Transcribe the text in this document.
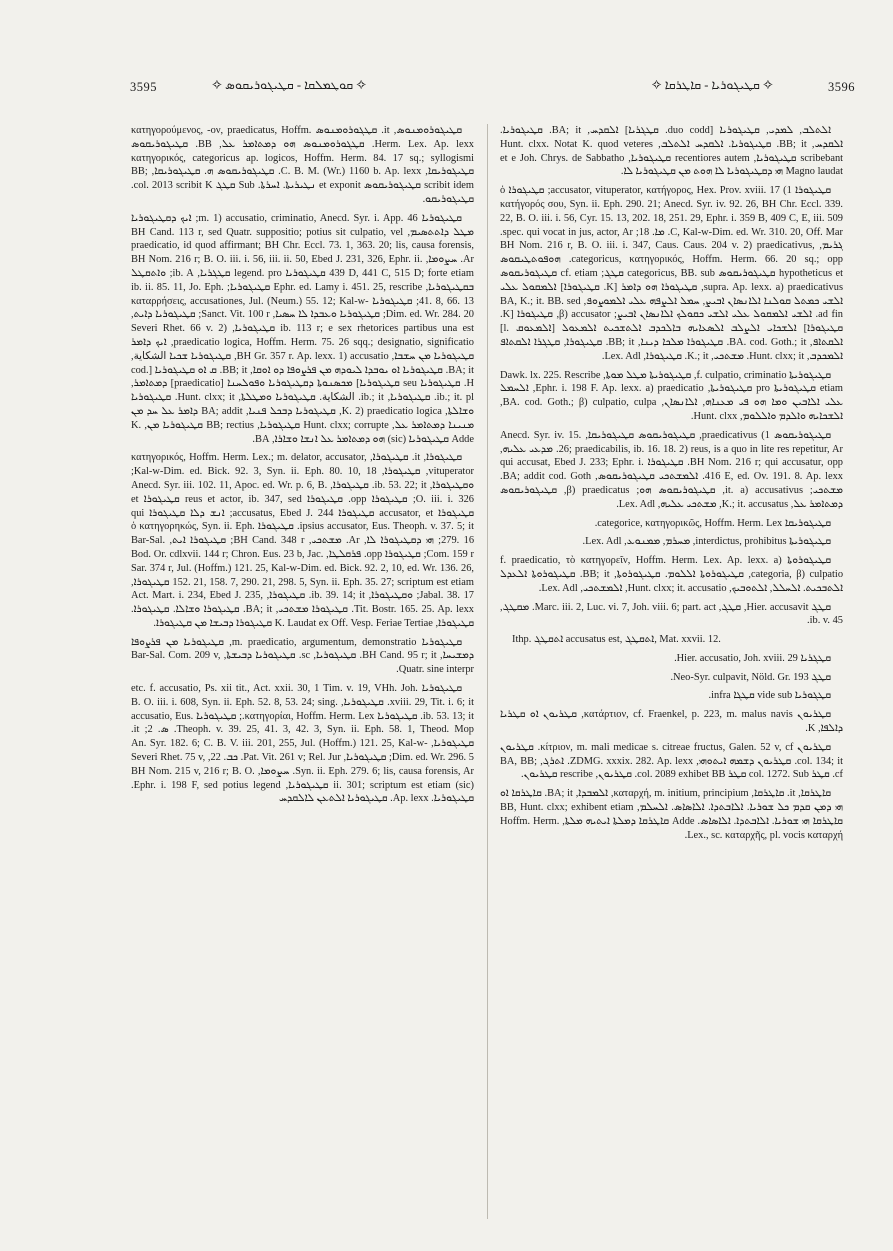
3595	✧ ܩܘܛܡܠܩܐ - ܩܛܝܓܘܪܝܩܘܣ ✧	✧ ܩܛܝܓܘܪܝܐ - ܩܐܛܪܩܐ ✧	3596

ܩܛܝܓܘܪܘܡܢܘܣ, it. ܩܛܓܘܪܘܡܢܘܣ κατηγορούμενος, -ον, praedicatus, Hoffm. Herm. Lex. Ap. lexx. ܩܛܓܘܪܘܡܢܘܣ ܗܘ ܕܡܬܐܡܪ ܥܠ, BB. ܩܛܝܓܘܪܝܩܘܣ κατηγορικός, categoricus ap. logicos, Hoffm. Herm. 84. 17 sq.; syllogismi ܩܛܝܓܘܪܝܩܐ, C. B. M. (Wr.) 1160 b. Ap. lexx. ܩܛܝܓܘܪܝܩܘܣ ܗ. ܩܛܝܓܘܪܝܩܐ, BB; scribit idem ܩܛܝܓܘܪܝܩܘܣ et exponit ܢܛܝܪܝܬܐ. ܐܚܪܬܐ. Sub ܩܛܓ col. 2013 scribit K. ܩܛܝܓܘܪܝܩܘ.

ܩܛܝܓܘܪܝܐ m. 1) accusatio, criminatio, Anecd. Syr. i. App. 46; ܐܝܟ ܕܩܛܝܓܘܪܝܐ ܡܛܠ ܕܐܬܬܣܝܡ, BH Cand. 113 r, sed Quatr. suppositio; potius sit culpatio, vel praedicatio, id quod affirmant; BH Chr. Eccl. 73. 1, 363. 20; lis, causa forensis, Ar. ܚܨܘܡܐ, BH Nom. 216 r; B. O. iii. i. 56, iii. ii. 50, Ebed J. 231, 326, Ephr. ii. 439 D, 441 C, 515 D; forte etiam ܩܛܝܓܘܪܝܐ legend. pro ܩܛܓܪܝܐ, ib. A; ܘܐܬܩܛܠ ܒܩܛܝܓܘܪܝܐ, Ephr. ed. Lamy i. 451. 25, rescribe ܩܛܝܓܘܪܝܐ; ib. ii. 85. 11, Jo. Eph. 41. 8, 66. 13; ܩܛܝܓܘܪܝܐ καταρρήσεις, accusationes, Jul. (Neum.) 55. 12; Kal-w-Dim. ed. Wr. 284. 20; ܩܛܝܓܘܪܝܐ ܘܥܒܕܐ ܠܐ ܚܣܝܐ, Sanct. Vit. 100 r; ܩܛܝܓܘܪܝܐ ܕܐܝܬ, ib. 113 r; e sex rhetorices partibus una est ܩܛܝܓܘܪܝܐ, Severi Rhet. 66 v. 2) praedicatio logica, Hoffm. Herm. 75. 26 sqq.; designatio, significatio, ܐܝܟ ܕܐܡܪ ܩܛܝܓܘܪܝܐ ܡܢ ܚܫܒܐ, BH Gr. 357 r. Ap. lexx. 1) accusatio, ܩܛܝܓܘܪܝܐ ܫܟܝܐ الشكاية, BA; it. ܩܛܝܓܘܪܝܐ ܐܘ ܝܘܒܕܐ ܠܝܘܕܗ ܡܢ ܦܪܨܘܦܐ ܕܘ ܐܘܩܐ, BB; it. ܩ ܐܘ ܩܛܝܓܘܪܝܐ [cod. H. ܩܛܝܓܘܪܝܐ seu ܩܛܝܓܘܪܝܐ] ܡܟܣܢܘܬܐ ܕܩܛܝܓܘܪܝܐ ܘܦܘܠܚܢܐ [praedicatio] ܕܡܬܐܡܪ, ib.; it. pl. ܩܛܝܓܘܪܝܐ, ib.; it. الشكاية. ܩܛܝܓܘܪܝܐ ܘܡܛܠܬܐ, Hunt. clxx; it. ܩܛܝܓܘܪܝܐ ܘܫܐܠܬܐ, K. 2) praedicatio logica, ܩܛܝܓܘܪܝܐ ܕܒܟܠ ܦܢܝܐ, BA; addit ܕܐܡܪ ܥܠ ܚܕ ܡܢ ܡܢܝܢܐ ܕܡܬܐܡܪ ܥܠ, Hunt. clxx; corrupte ܩܛܝܓܘܪܝܐ, BB; rectius ܩܛܝܓܘܪܝܐ ܡܢ, K. Adde ܩܛܝܓܘܪܝܐ (sic) ܗܘ ܕܡܬܐܡܪ ܥܠ ܐܢܫܐ ܘܫܐܪܐ, BA.

ܩܛܝܓܘܪܐ, it. ܩܛܝܓܘܪܐ, κατηγορικός, Hoffm. Herm. Lex.; m. delator, accusator, vituperator, ܩܛܝܓܘܪܐ, Kal-w-Dim. ed. Bick. 92. 3, Syn. ii. Eph. 80. 10, 18; ܘܩܛܝܓܘܪܐ, ib. 53. 22; it. ܩܛܝܓܘܪܐ, Anecd. Syr. iii. 102. 11, Apoc. ed. Wr. p. 6, B. O. iii. i. 326; ܩܛܝܓܘܪܐ opp. ܩܛܝܓܘܪܐ reus et actor, ib. 347, sed ܩܛܝܓܘܪܐ et ܩܛܝܓܘܪܐ accusator, et ܩܛܝܓܘܪܐ accusatus, Ebed J. 244; ܐܢܫ ܕܠܐ ܩܛܝܓܘܪܐ qui ipsius accusator, Eus. Theoph. v. 37. 5; it. ܩܛܝܓܘܪܐ ὁ κατηγορηκώς, Syn. ii. Eph. 279. 16; ܗܝ ܕܩܛܝܓܘܪܐ ܠܐ, Ar. ܡܫܬܟܝ, BH Cand. 348 r; ܩܛܝܓܘܪܐ ܐܝܬ, Bar-Sal. Com. 159 r; ܩܛܝܓܘܪܐ opp. ܦܪܩܠܛܐ, Bod. Or. cdlxvii. 144 r; Chron. Eus. 23 b, Jac. Sar. 374 r, Jul. (Hoffm.) 121. 25, Kal-w-Dim. ed. Bick. 92. 2, 10, ed. Wr. 136. 26, 152. 21, 158. 7, 290. 21, 298. 5, Syn. ii. Eph. 35. 27; scriptum est etiam ܩܛܝܓܘܪܐ, Jabal. 38. 17; ܘܩܛܝܓܘܪܐ, ib. 39. 14; it. ܩܛܝܓܘܪܐ, Act. Mart. i. 234, Ebed J. 235, Tit. Bostr. 165. 25. Ap. lexx. ܩܛܝܓܘܪܐ ܡܫܬܟܝ, BA; it. ܩܛܝܓܘܪܐ ܘܫܐܠܐ. ܩܛܝܓܘܪܐ. ܩܛܝܓܘܪܐ, K. Laudat ex Off. Vesp. Feriae Tertiae ܩܛܝܓܘܪܐ ܕܒܝܫܐ ܡܢ ܩܛܝܓܘܪܐ.

ܩܛܝܓܘܪܝܐ m. praedicatio, argumentum, demonstratio, ܩܛܝܓܘܪܝܐ ܡܢ ܦܪܨܘܦܐ ܕܡܫܝܚܐ, BH Cand. 95 r; it. ܩܛܝܓܘܪܝܐ, sc. ܩܛܝܓܘܪܝܐ ܕܒܝܫܬܐ, Bar-Sal. Com. 209 v, Quatr. sine interpr.

ܩܛܝܓܘܪܝܐ etc. f. accusatio, Ps. xii tit., Act. xxii. 30, 1 Tim. v. 19, VHh. Joh. xviii. 29, Tit. i. 6; it. ܩܛܝܓܘܪܝܐ, B. O. iii. i. 608, Syn. ii. Eph. 52. 8, 53. 24; sing. ib. 53. 13; it. ܩܛܝܓܘܪܝܐ κατηγορίαι, Hoffm. Herm. Lex.; ܩܛܝܓܘܪܝܐ accusatio, Eus. Theoph. v. 39. 25, 41. 3, 42. 3, Syn. ii. Eph. 58. 1, Theod. Mop. ܣ. 2; it. ܩܛܝܓܘܪܝܐ, An. Syr. 182. 6; C. B. V. iii. 201, 255, Jul. (Hoffm.) 121. 25, Kal-w-Dim. ed. Wr. 296. 5; ܩܛܝܓܘܪܝܐ, Pat. Vit. 261 v; Rel. Jur. ܟܒ. 22, Severi Rhet. 75 v, Syn. ii. Eph. 279. 6; lis, causa forensis, Ar. ܚܨܘܡܐ, BH Nom. 215 v, 216 r; B. O. ii. 301; scriptum est etiam (sic) ܩܛܝܓܘܪܝܐ, Ephr. i. 198 F, sed potius legend. ܩܛܝܓܘܪܝܐ. Ap. lexx. ܩܛܝܓܘܪܝܐ ܐܠܬܥܢ ܠܐܠܩܕܚ

ܐܠܬܠܒ, ܠܡܕܝ, ܩܛܝܓܘܪܝܐ [duo codd. ܩܛܓܪܝܐ] ܐܠܩܕܚ, BA; it. ܩܛܝܓܘܪܝܐ. ܐܠܩܕܚ, BB; it. ܩܛܝܓܘܪܝܐ. ܐܠܩܕܚ ܐܠܬܠܒ, Hunt. clxx. Notat K. quod veteres scribebant ܩܛܝܓܘܪܝܐ, recentiores autem ܩܛܝܓܘܪܝܐ, et e Joh. Chrys. de Sabbatho Magno laudat ܗܝ ܕܩܛܝܓܘܪܝܐ ܠܐ ܗܘܬ ܡܢ ܩܛܝܓܘܪܝܐ ܠܐ.

ܩܛܝܓܘܪܐ 1) accusator, vituperator, κατήγορος, Hex. Prov. xviii. 17; ܩܛܝܓܘܪܐ ὁ κατήγορός σου, Syn. ii. Eph. 290. 21; Anecd. Syr. iv. 92. 26, BH Chr. Eccl. 339. 22, B. O. iii. i. 56, Cyr. 15. 13, 202. 18, 251. 29, Ephr. i. 359 B, 409 C, E, iii. 509 C, Kal-w-Dim. ed. Wr. 310. 20, Off. Mar. ܡܐ. 18; spec. qui vocat in jus, actor, Ar. ܓܪܝܡ, BH Nom. 216 r, B. O. iii. i. 347, Caus. Caus. 204 v. 2) praedicativus, categoricus, κατηγορικός, Hoffm. Herm. 66. 20 sq.; opp. ܗܘܦܘܬܛܝܩܘܣ hypotheticus et ܩܛܝܓܘܪܝܩܘܣ categoricus, BB. sub ܩܛܓ; cf. etiam ܩܛܝܓܘܪܝܩܘܣ supra. Ap. lexx. a) praedicativus, ܩܛܝܓܘܪܐ ܗܘ ܕܐܡܪ [K. ܩܛܝܓܘܪܐ] ܐܠܡܩܘܠ ܥܠܝ ܐܠܫܝ ܟܡܬܠ ܩܘܠܢܐ ܐܠܐܢܣܐܢ ܐܒܝܨ, ܚܡܠ ܐܠܨܦܗ ܥܠܝ ܐܠܡܘܨܘܦ, BA, K.; it. BB. sed ad fin. ܐܠܫܝ ܐܠܡܩܘܠ ܥܠܝ ܐܠܫܝ ܟܩܘܠܟ ܐܠܐܢܣܐܢ ܐܒܝܨ; β) accusator, ܩܛܝܓܘܪܐ [K. ܩܛܝܓܘܪܐ] ܐܠܫܟܐܝ ܐܠܨܠܒ ܐܠܣܥܐܝܗ ܒܐܠܟܕܒ ܐܠܬܫܟܝܬ ܐܠܡܥܘܠ [ܐܠܡܥܘܩ .l] ܐܠܩܬܐܦ, BA. cod. Goth.; it. ܩܛܝܓܘܪܐ ܡܠܟܐ ܕܝܢܐ, BB; it. ܩܛܝܓܘܪܐ, ܩܛܓܪܐ ܐܠܩܬܐܦ ܐܠܡܟܕܒ, Hunt. clxx; it. ܡܫܬܟܝ, K.; it. ܩܛܝܓܘܪܐ, Lex. Adl.

ܩܛܝܓܘܪܝܬܐ f. culpatio, criminatio, ܩܛܝܓܘܪܝܬܐ ܡܛܠ ܡܘܬܐ, Dawk. lx. 225. Rescribe etiam ܩܛܝܓܘܪܝܬܐ pro ܩܛܝܓܘܪܝܬܐ, Ephr. i. 198 F. Ap. lexx. a) praedicatio, ܐܠܚܡܠ ܥܠܝ ܐܠܐܒܝܢ ܘܡܐ ܗܘ ܦܝ ܡܥܢܐܗ, ܐܠܐܢܣܐܢ, BA. cod. Goth.; β) culpatio, culpa, ܐܠܫܟܐܝܗ ܘܐܠܕܡ ܘܐܠܠܘܡ, Hunt. clxx.

ܩܛܝܓܘܪܝܩܘܣ 1) praedicativus, ܩܛܝܓܘܪܝܩܘܣ ܩܛܝܓܘܪܝܩܐ, Anecd. Syr. iv. 15. 26; praedicabilis, ib. 16. 18. 2) reus, is a quo in lite res repetitur, Ar. ܡܕܥܝ ܥܠܝܗ, BH Nom. 216 r; qui accusatur, opp. ܩܛܝܓܘܪܐ qui accusat, Ebed J. 233; Ephr. i. 416 E, ed. Ov. 191. 8. Ap. lexx. ܐܠܡܫܬܟܝ ܩܛܝܓܘܪܝܩܘܣ, BA; addit cod. Goth. ܡܫܬܟܝ; it. a) accusativus, ܩܛܝܓܘܪܝܩܘܣ ܗܘ; β) praedicatus, ܩܛܝܓܘܪܝܩܘܣ ܕܡܬܐܡܪ ܥܠ, K.; it. accusatus, ܡܫܬܟܝ ܥܠܝܗ, Lex. Adl.

ܩܛܝܓܘܪܝܩܐ categorice, κατηγορικῶς, Hoffm. Herm. Lex.

ܩܛܝܓܘܪܝܬܐ interdictus, prohibitus, ܡܚܪܡ, ܡܡܢܘܥ, Lex. Adl.

ܩܛܝܓܘܪܘܬܐ f. praedicatio, τὸ κατηγορεῖν, Hoffm. Herm. Lex. Ap. lexx. a) categoria, β) culpatio, ܩܛܝܓܘܪܘܬܐ ܐܠܠܘܡ. ܩܛܝܓܘܪܘܬܐ, BB; it. ܩܛܝܓܘܪܘܬܐ ܐܠܥܕܠ ܐܠܬܒܟܝܬ. ܐܠܚܠܠ, ܐܠܬܘܒܝܟ, Hunt. clxx; it. accusatio, ܐܠܡܫܬܟܝ, Lex. Adl.

ܩܛܓ Hier. accusavit, ܩܛܓ, Marc. iii. 2, Luc. vi. 7, Joh. viii. 6; part. act. ܡܩܛܓ, ib. v. 45.

Ithp. ܐܬܩܛܓ accusatus est, ܐܬܩܛܓ, Mat. xxvii. 12.

ܩܛܓܪܝܐ Hier. accusatio, Joh. xviii. 29.

ܩܛܓ Neo-Syr. culpavit, Nöld. Gr. 193.

ܩܛܓܘܪܝܐ vide sub ܩܛܓܐ infra.

ܩܛܪܝܘܢ κατάρτιον, cf. Fraenkel, p. 223, m. malus navis, ܩܛܪܝܘܢ ܐܘ ܩܛܪܝܐ ܕܐܠܦܐ, K.

ܩܛܪܝܘܢ κίτριον, m. mali medicae s. citreae fructus, Galen. 52 v, cf. ܩܛܪܝܘܢ col. 134; it. ܩܛܪܝܘܢ ܕܫܡܗ ܐܝܬܘܗܝ, ZDMG. xxxix. 282. Ap. lexx. ܐܬܪܓ, BA, BB; cf. ܩܛܪ col. 1272. Sub ܩܛܪ col. 2089 exhibet BB. ܩܛܪܝܘܢ, rescribe ܩܛܪܝܘܢ.

ܩܐܛܪܩܐ, it. ܩܐܛܪܩܐ, καταρχή, m. initium, principium, ܐܠܡܒܕܐ, BA; it. ܩܐܛܪܩܐ ܐܘ ܗܝ ܕܡܢ ܩܕܡ ܟܠ ܫܘܪܝܐ. ܐܠܐܒܬܕܐ. ܐܠܐܣܐܣ. ܐܠܚܠܡ, BB, Hunt. clxx; exhibent etiam ܩܐܛܪܩܐ ܗܝ ܫܘܪܝܐ. ܐܠܐܒܬܕܐ. ܐܠܐܣܐܣ. Adde ܩܐܛܪܩܐ ܕܡܠܬܐ ܐܝܬܝܗ ܡܠܬܐ, Hoffm. Herm. Lex., sc. καταρχῆς, pl. vocis καταρχή.
